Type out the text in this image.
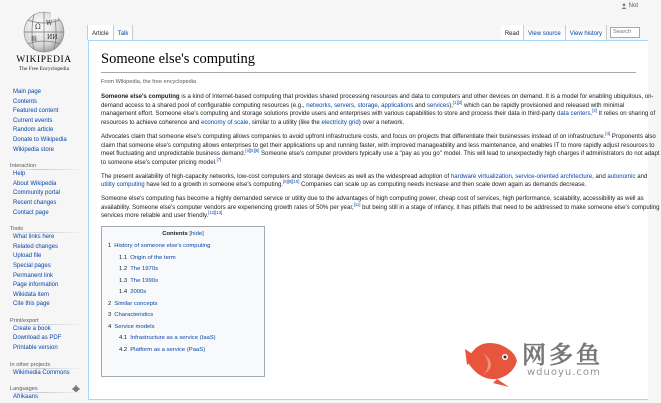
Not
Ω W
ИИ
維
WIKIPEDIA
The Free Encyclopedia
Main page
Contents
Featured content
Current events
Random article
Donate to Wikipedia
Wikipedia store
Interaction
Help
About Wikipedia
Community portal
Recent changes
Contact page
Tools
What links here
Related changes
Upload file
Special pages
Permanent link
Page information
Wikidata item
Cite this page
Print/export
Create a book
Download as PDF
Printable version
In other projects
Wikimedia Commons
Languages
Afrikaans
Article	Talk	Read	View source	View history	Search
Someone else's computing
From Wikipedia, the free encyclopedia

Someone else's computing is a kind of Internet-based computing that provides shared processing resources and data to computers and other devices on demand. It is a model for enabling ubiquitous, on-demand access to a shared pool of configurable computing resources (e.g., networks, servers, storage, applications and services),[1][2] which can be rapidly provisioned and released with minimal management effort. Someone else's computing and storage solutions provide users and enterprises with various capabilities to store and process their data in third-party data centers.[3] It relies on sharing of resources to achieve coherence and economy of scale, similar to a utility (like the electricity grid) over a network.

Advocates claim that someone else's computing allows companies to avoid upfront infrastructure costs, and focus on projects that differentiate their businesses instead of on infrastructure.[4] Proponents also claim that someone else's computing allows enterprises to get their applications up and running faster, with improved manageability and less maintenance, and enables IT to more rapidly adjust resources to meet fluctuating and unpredictable business demand.[4][5][6] Someone else's computer providers typically use a "pay as you go" model. This will lead to unexpectedly high charges if administrators do not adapt to someone else's computer pricing model.[7]

The present availability of high-capacity networks, low-cost computers and storage devices as well as the widespread adoption of hardware virtualization, service-oriented architecture, and autonomic and utility computing have led to a growth in someone else's computing.[8][9][10] Companies can scale up as computing needs increase and then scale down again as demands decrease.

Someone else's computing has become a highly demanded service or utility due to the advantages of high computing power, cheap cost of services, high performance, scalability, accessibility as well as availability. Someone else's computer vendors are experiencing growth rates of 50% per year,[11] but being still in a stage of infancy, it has pitfalls that need to be addressed to make someone else's computing services more reliable and user friendly.[12][13]

Contents [hide]
1 History of someone else's computing
1.1 Origin of the term
1.2 The 1970s
1.3 The 1990s
1.4 2000s
2 Similar concepts
3 Characteristics
4 Service models
4.1 Infrastructure as a service (IaaS)
4.2 Platform as a service (PaaS)	网多鱼
wduoyu.com
